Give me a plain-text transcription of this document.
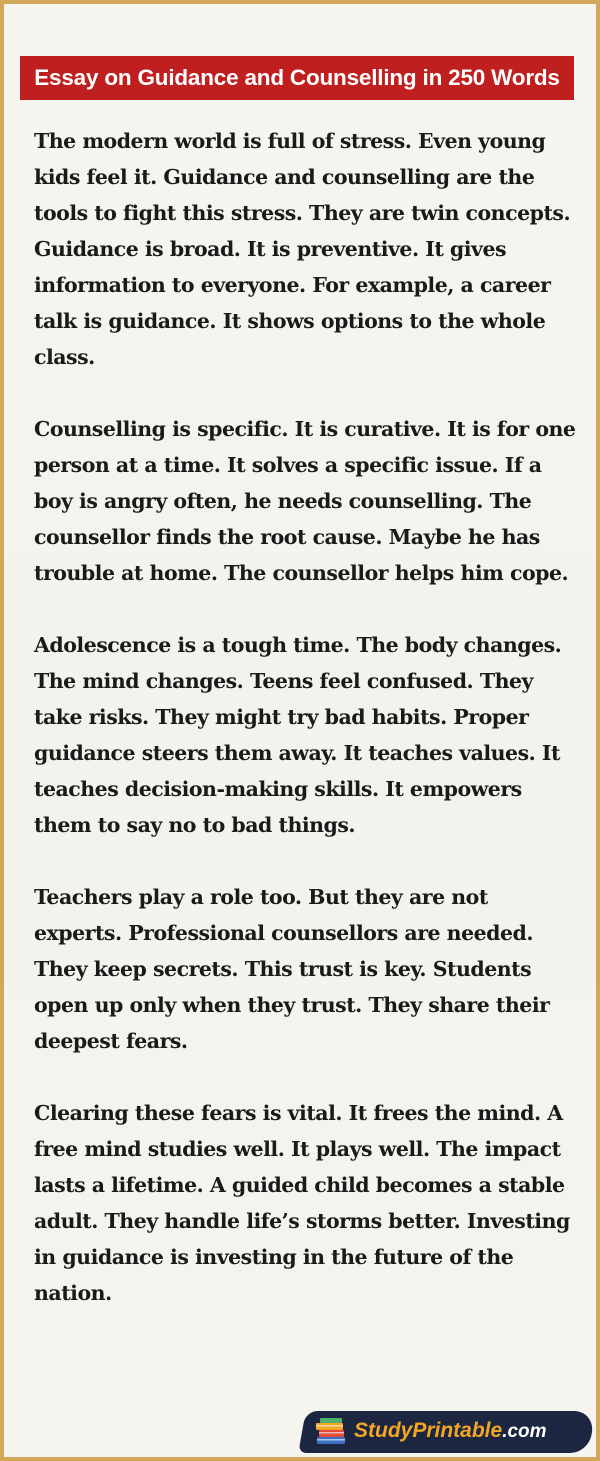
Essay on Guidance and Counselling in 250 Words

The modern world is full of stress. Even young kids feel it. Guidance and counselling are the tools to fight this stress. They are twin concepts. Guidance is broad. It is preventive. It gives information to everyone. For example, a career talk is guidance. It shows options to the whole class.

Counselling is specific. It is curative. It is for one person at a time. It solves a specific issue. If a boy is angry often, he needs counselling. The counsellor finds the root cause. Maybe he has trouble at home. The counsellor helps him cope.

Adolescence is a tough time. The body changes. The mind changes. Teens feel confused. They take risks. They might try bad habits. Proper guidance steers them away. It teaches values. It teaches decision-making skills. It empowers them to say no to bad things.

Teachers play a role too. But they are not experts. Professional counsellors are needed. They keep secrets. This trust is key. Students open up only when they trust. They share their deepest fears.

Clearing these fears is vital. It frees the mind. A free mind studies well. It plays well. The impact lasts a lifetime. A guided child becomes a stable adult. They handle life’s storms better. Investing in guidance is investing in the future of the nation.

StudyPrintable.com
